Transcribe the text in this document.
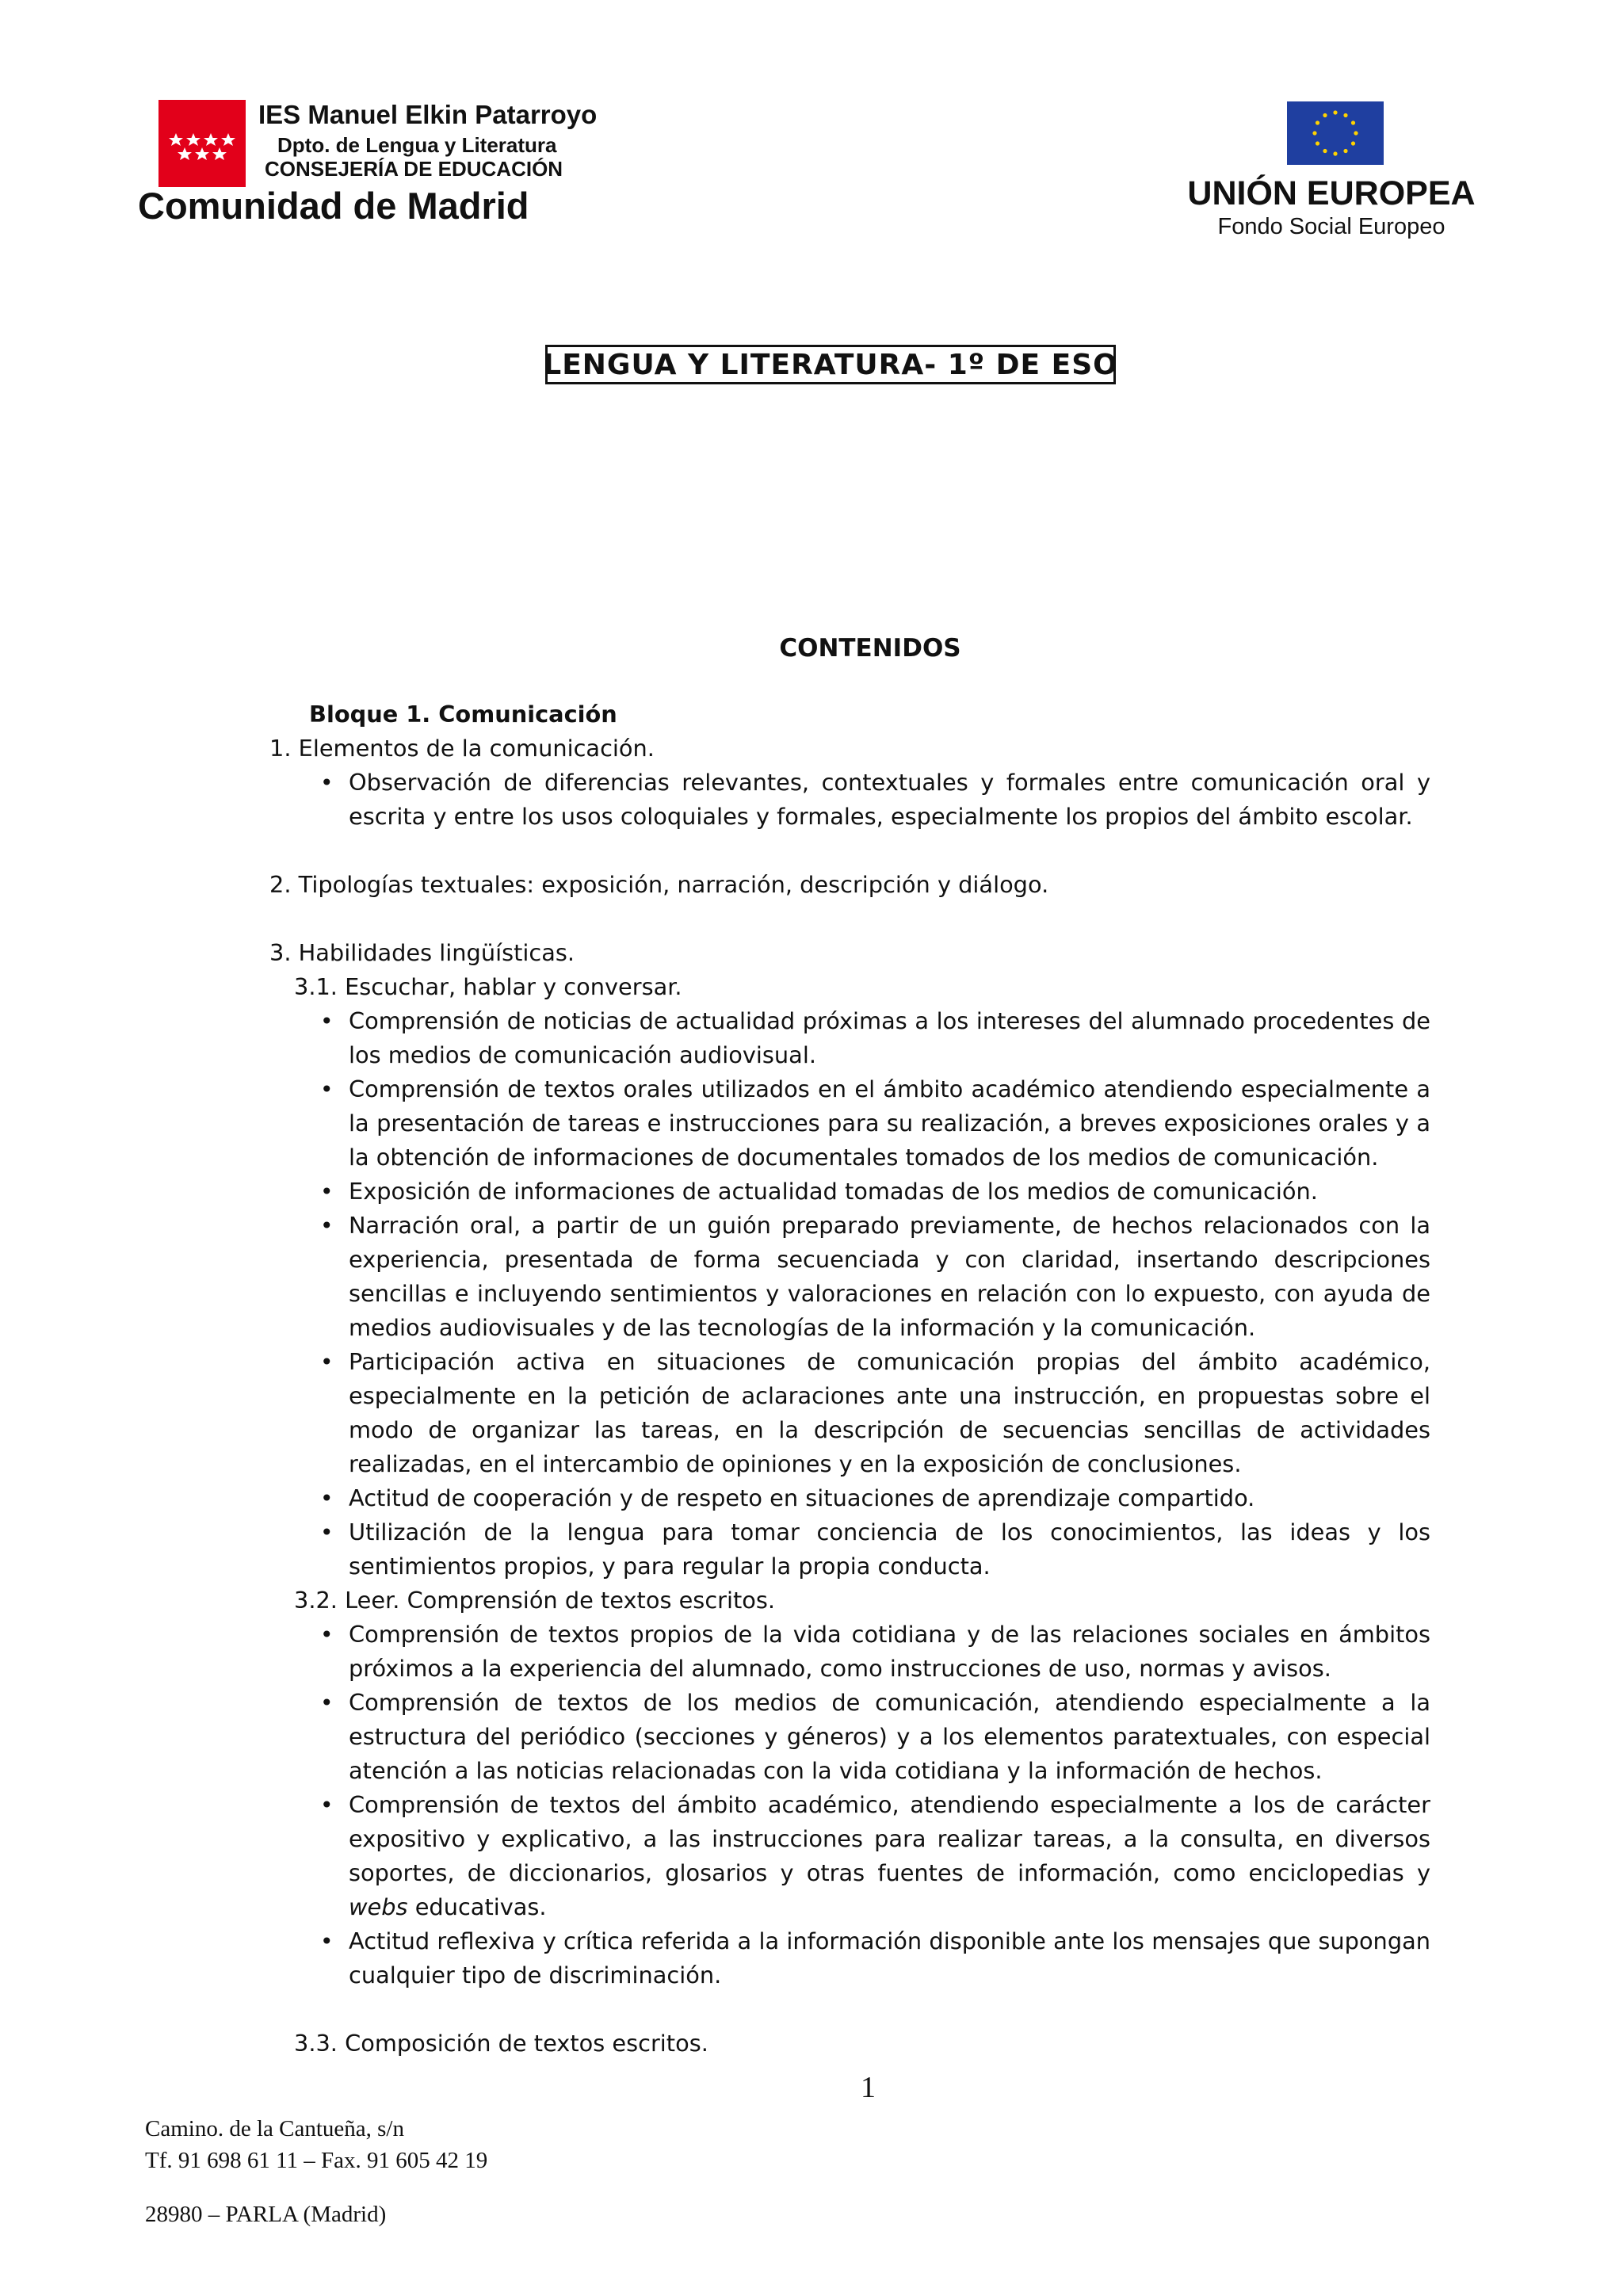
IES Manuel Elkin Patarroyo
Dpto. de Lengua y Literatura
CONSEJERÍA DE EDUCACIÓN
Comunidad de Madrid	UNIÓN EUROPEA
Fondo Social Europeo
LENGUA Y LITERATURA- 1º DE ESO
CONTENIDOS
Bloque 1. Comunicación
1. Elementos de la comunicación.
• Observación de diferencias relevantes, contextuales y formales entre comunicación oral y escrita y entre los usos coloquiales y formales, especialmente los propios del ámbito escolar.
2. Tipologías textuales: exposición, narración, descripción y diálogo.
3. Habilidades lingüísticas.
3.1. Escuchar, hablar y conversar.
• Comprensión de noticias de actualidad próximas a los intereses del alumnado procedentes de los medios de comunicación audiovisual.
• Comprensión de textos orales utilizados en el ámbito académico atendiendo especialmente a la presentación de tareas e instrucciones para su realización, a breves exposiciones orales y a la obtención de informaciones de documentales tomados de los medios de comunicación.
• Exposición de informaciones de actualidad tomadas de los medios de comunicación.
• Narración oral, a partir de un guión preparado previamente, de hechos relacionados con la experiencia, presentada de forma secuenciada y con claridad, insertando descripciones sencillas e incluyendo sentimientos y valoraciones en relación con lo expuesto, con ayuda de medios audiovisuales y de las tecnologías de la información y la comunicación.
• Participación activa en situaciones de comunicación propias del ámbito académico, especialmente en la petición de aclaraciones ante una instrucción, en propuestas sobre el modo de organizar las tareas, en la descripción de secuencias sencillas de actividades realizadas, en el intercambio de opiniones y en la exposición de conclusiones.
• Actitud de cooperación y de respeto en situaciones de aprendizaje compartido.
• Utilización de la lengua para tomar conciencia de los conocimientos, las ideas y los sentimientos propios, y para regular la propia conducta.
3.2. Leer. Comprensión de textos escritos.
• Comprensión de textos propios de la vida cotidiana y de las relaciones sociales en ámbitos próximos a la experiencia del alumnado, como instrucciones de uso, normas y avisos.
• Comprensión de textos de los medios de comunicación, atendiendo especialmente a la estructura del periódico (secciones y géneros) y a los elementos paratextuales, con especial atención a las noticias relacionadas con la vida cotidiana y la información de hechos.
• Comprensión de textos del ámbito académico, atendiendo especialmente a los de carácter expositivo y explicativo, a las instrucciones para realizar tareas, a la consulta, en diversos soportes, de diccionarios, glosarios y otras fuentes de información, como enciclopedias y webs educativas.
• Actitud reflexiva y crítica referida a la información disponible ante los mensajes que supongan cualquier tipo de discriminación.
3.3. Composición de textos escritos.
1
Camino. de la Cantueña, s/n
Tf. 91 698 61 11 – Fax. 91 605 42 19
28980 – PARLA (Madrid)
